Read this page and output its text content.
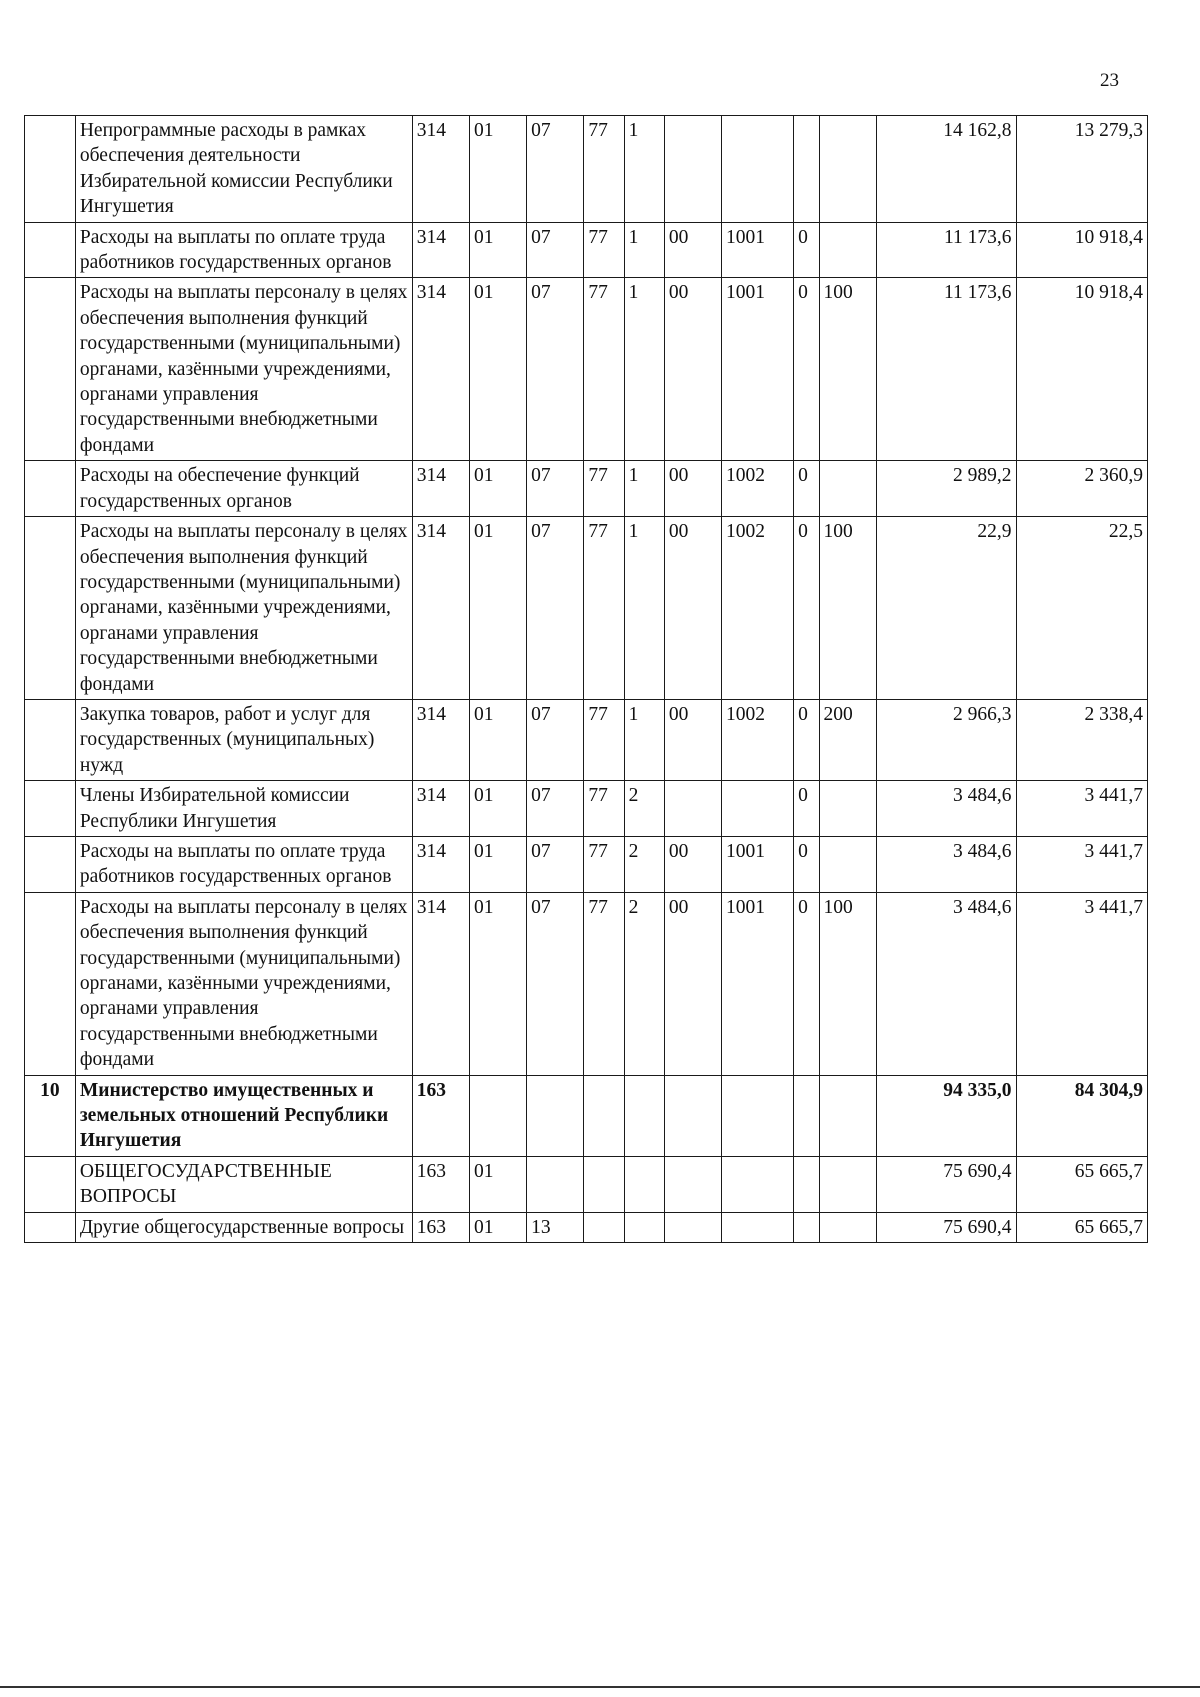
23
	Непрограммные расходы в рамках обеспечения деятельности Избирательной комиссии Республики Ингушетия	314	01	07	77	1					14 162,8	13 279,3
	Расходы на выплаты по оплате труда работников государственных органов	314	01	07	77	1	00	1001	0		11 173,6	10 918,4
	Расходы на выплаты персоналу в целях обеспечения выполнения функций государственными (муниципальными) органами, казёнными учреждениями, органами управления государственными внебюджетными фондами	314	01	07	77	1	00	1001	0	100	11 173,6	10 918,4
	Расходы на обеспечение функций государственных органов	314	01	07	77	1	00	1002	0		2 989,2	2 360,9
	Расходы на выплаты персоналу в целях обеспечения выполнения функций государственными (муниципальными) органами, казёнными учреждениями, органами управления государственными внебюджетными фондами	314	01	07	77	1	00	1002	0	100	22,9	22,5
	Закупка товаров, работ и услуг для государственных (муниципальных) нужд	314	01	07	77	1	00	1002	0	200	2 966,3	2 338,4
	Члены Избирательной комиссии Республики Ингушетия	314	01	07	77	2			0		3 484,6	3 441,7
	Расходы на выплаты по оплате труда работников государственных органов	314	01	07	77	2	00	1001	0		3 484,6	3 441,7
	Расходы на выплаты персоналу в целях обеспечения выполнения функций государственными (муниципальными) органами, казёнными учреждениями, органами управления государственными внебюджетными фондами	314	01	07	77	2	00	1001	0	100	3 484,6	3 441,7
10	Министерство имущественных и земельных отношений Республики Ингушетия	163									94 335,0	84 304,9
	ОБЩЕГОСУДАРСТВЕННЫЕ ВОПРОСЫ	163	01								75 690,4	65 665,7
	Другие общегосударственные вопросы	163	01	13							75 690,4	65 665,7
